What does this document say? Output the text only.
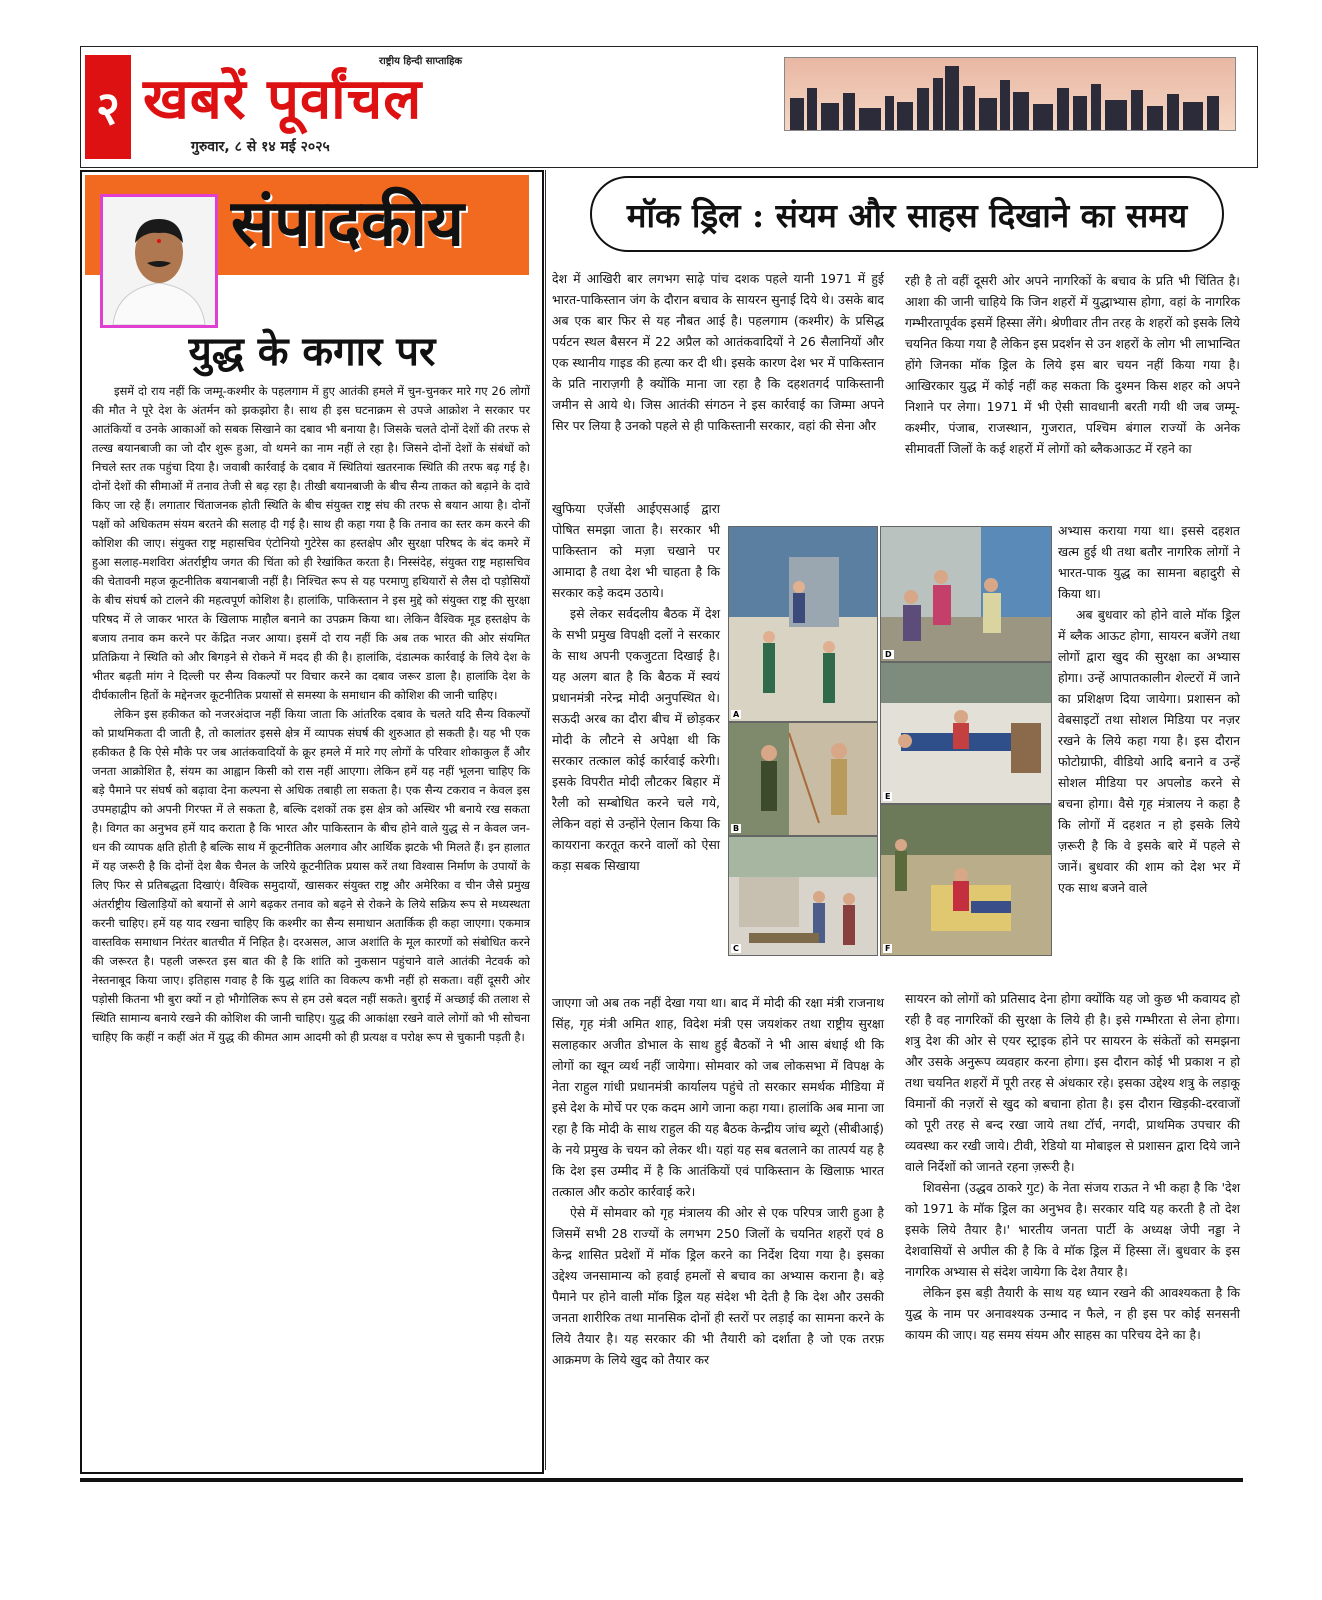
२ खबरें पूर्वांचल
राष्ट्रीय हिन्दी साप्ताहिक
गुरुवार, ८ से १४ मई २०२५
संपादकीय
युद्ध के कगार पर

इसमें दो राय नहीं कि जम्मू-कश्मीर के पहलगाम में हुए आतंकी हमले में चुन-चुनकर मारे गए 26 लोगों की मौत ने पूरे देश के अंतर्मन को झकझोरा है। साथ ही इस घटनाक्रम से उपजे आक्रोश ने सरकार पर आतंकियों व उनके आकाओं को सबक सिखाने का दबाव भी बनाया है। जिसके चलते दोनों देशों की तरफ से तल्ख बयानबाजी का जो दौर शुरू हुआ, वो थमने का नाम नहीं ले रहा है। जिसने दोनों देशों के संबंधों को निचले स्तर तक पहुंचा दिया है। जवाबी कार्रवाई के दबाव में स्थितियां खतरनाक स्थिति की तरफ बढ़ गई है। दोनों देशों की सीमाओं में तनाव तेजी से बढ़ रहा है। तीखी बयानबाजी के बीच सैन्य ताकत को बढ़ाने के दावे किए जा रहे हैं। लगातार चिंताजनक होती स्थिति के बीच संयुक्त राष्ट्र संघ की तरफ से बयान आया है। दोनों पक्षों को अधिकतम संयम बरतने की सलाह दी गई है। साथ ही कहा गया है कि तनाव का स्तर कम करने की कोशिश की जाए। संयुक्त राष्ट्र महासचिव एंटोनियो गुटेरेस का हस्तक्षेप और सुरक्षा परिषद के बंद कमरे में हुआ सलाह-मशविरा अंतर्राष्ट्रीय जगत की चिंता को ही रेखांकित करता है। निस्संदेह, संयुक्त राष्ट्र महासचिव की चेतावनी महज कूटनीतिक बयानबाजी नहीं है। निश्चित रूप से यह परमाणु हथियारों से लैस दो पड़ोसियों के बीच संघर्ष को टालने की महत्वपूर्ण कोशिश है। हालांकि, पाकिस्तान ने इस मुद्दे को संयुक्त राष्ट्र की सुरक्षा परिषद में ले जाकर भारत के खिलाफ माहौल बनाने का उपक्रम किया था। लेकिन वैश्विक मूड हस्तक्षेप के बजाय तनाव कम करने पर केंद्रित नजर आया। इसमें दो राय नहीं कि अब तक भारत की ओर संयमित प्रतिक्रिया ने स्थिति को और बिगड़ने से रोकने में मदद ही की है। हालांकि, दंडात्मक कार्रवाई के लिये देश के भीतर बढ़ती मांग ने दिल्ली पर सैन्य विकल्पों पर विचार करने का दबाव जरूर डाला है। हालांकि देश के दीर्घकालीन हितों के मद्देनजर कूटनीतिक प्रयासों से समस्या के समाधान की कोशिश की जानी चाहिए।

लेकिन इस हकीकत को नजरअंदाज नहीं किया जाता कि आंतरिक दबाव के चलते यदि सैन्य विकल्पों को प्राथमिकता दी जाती है, तो कालांतर इससे क्षेत्र में व्यापक संघर्ष की शुरुआत हो सकती है। यह भी एक हकीकत है कि ऐसे मौके पर जब आतंकवादियों के क्रूर हमले में मारे गए लोगों के परिवार शोकाकुल हैं और जनता आक्रोशित है, संयम का आह्वान किसी को रास नहीं आएगा। लेकिन हमें यह नहीं भूलना चाहिए कि बड़े पैमाने पर संघर्ष को बढ़ावा देना कल्पना से अधिक तबाही ला सकता है। एक सैन्य टकराव न केवल इस उपमहाद्वीप को अपनी गिरफ्त में ले सकता है, बल्कि दशकों तक इस क्षेत्र को अस्थिर भी बनाये रख सकता है। विगत का अनुभव हमें याद कराता है कि भारत और पाकिस्तान के बीच होने वाले युद्ध से न केवल जन-धन की व्यापक क्षति होती है बल्कि साथ में कूटनीतिक अलगाव और आर्थिक झटके भी मिलते हैं। इन हालात में यह जरूरी है कि दोनों देश बैक चैनल के जरिये कूटनीतिक प्रयास करें तथा विश्वास निर्माण के उपायों के लिए फिर से प्रतिबद्धता दिखाएं। वैश्विक समुदायों, खासकर संयुक्त राष्ट्र और अमेरिका व चीन जैसे प्रमुख अंतर्राष्ट्रीय खिलाड़ियों को बयानों से आगे बढ़कर तनाव को बढ़ने से रोकने के लिये सक्रिय रूप से मध्यस्थता करनी चाहिए। हमें यह याद रखना चाहिए कि कश्मीर का सैन्य समाधान अतार्किक ही कहा जाएगा। एकमात्र वास्तविक समाधान निरंतर बातचीत में निहित है। दरअसल, आज अशांति के मूल कारणों को संबोधित करने की जरूरत है। पहली जरूरत इस बात की है कि शांति को नुकसान पहुंचाने वाले आतंकी नेटवर्क को नेस्तनाबूद किया जाए। इतिहास गवाह है कि युद्ध शांति का विकल्प कभी नहीं हो सकता। वहीं दूसरी ओर पड़ोसी कितना भी बुरा क्यों न हो भौगोलिक रूप से हम उसे बदल नहीं सकते। बुराई में अच्छाई की तलाश से स्थिति सामान्य बनाये रखने की कोशिश की जानी चाहिए। युद्ध की आकांक्षा रखने वाले लोगों को भी सोचना चाहिए कि कहीं न कहीं अंत में युद्ध की कीमत आम आदमी को ही प्रत्यक्ष व परोक्ष रूप से चुकानी पड़ती है।

मॉक ड्रिल : संयम और साहस दिखाने का समय

देश में आखिरी बार लगभग साढ़े पांच दशक पहले यानी 1971 में हुई भारत-पाकिस्तान जंग के दौरान बचाव के सायरन सुनाई दिये थे। उसके बाद अब एक बार फिर से यह नौबत आई है। पहलगाम (कश्मीर) के प्रसिद्ध पर्यटन स्थल बैसरन में 22 अप्रैल को आतंकवादियों ने 26 सैलानियों और एक स्थानीय गाइड की हत्या कर दी थी। इसके कारण देश भर में पाकिस्तान के प्रति नाराज़गी है क्योंकि माना जा रहा है कि दहशतगर्द पाकिस्तानी जमीन से आये थे। जिस आतंकी संगठन ने इस कार्रवाई का जिम्मा अपने सिर पर लिया है उनको पहले से ही पाकिस्तानी सरकार, वहां की सेना और

रही है तो वहीं दूसरी ओर अपने नागरिकों के बचाव के प्रति भी चिंतित है। आशा की जानी चाहिये कि जिन शहरों में युद्धाभ्यास होगा, वहां के नागरिक गम्भीरतापूर्वक इसमें हिस्सा लेंगे। श्रेणीवार तीन तरह के शहरों को इसके लिये चयनित किया गया है लेकिन इस प्रदर्शन से उन शहरों के लोग भी लाभान्वित होंगे जिनका मॉक ड्रिल के लिये इस बार चयन नहीं किया गया है। आखिरकार युद्ध में कोई नहीं कह सकता कि दुश्मन किस शहर को अपने निशाने पर लेगा। 1971 में भी ऐसी सावधानी बरती गयी थी जब जम्मू-कश्मीर, पंजाब, राजस्थान, गुजरात, पश्चिम बंगाल राज्यों के अनेक सीमावर्ती जिलों के कई शहरों में लोगों को ब्लैकआऊट में रहने का

खुफिया एजेंसी आईएसआई द्वारा पोषित समझा जाता है। सरकार भी पाकिस्तान को मज़ा चखाने पर आमादा है तथा देश भी चाहता है कि सरकार कड़े कदम उठाये।

इसे लेकर सर्वदलीय बैठक में देश के सभी प्रमुख विपक्षी दलों ने सरकार के साथ अपनी एकजुटता दिखाई है। यह अलग बात है कि बैठक में स्वयं प्रधानमंत्री नरेन्द्र मोदी अनुपस्थित थे। सऊदी अरब का दौरा बीच में छोड़कर मोदी के लौटने से अपेक्षा थी कि सरकार तत्काल कोई कार्रवाई करेगी। इसके विपरीत मोदी लौटकर बिहार में रैली को सम्बोधित करने चले गये, लेकिन वहां से उन्होंने ऐलान किया कि कायराना करतूत करने वालों को ऐसा कड़ा सबक सिखाया

A
B
C
D
E
F

अभ्यास कराया गया था। इससे दहशत खत्म हुई थी तथा बतौर नागरिक लोगों ने भारत-पाक युद्ध का सामना बहादुरी से किया था।

अब बुधवार को होने वाले मॉक ड्रिल में ब्लैक आऊट होगा, सायरन बजेंगे तथा लोगों द्वारा खुद की सुरक्षा का अभ्यास होगा। उन्हें आपातकालीन शेल्टरों में जाने का प्रशिक्षण दिया जायेगा। प्रशासन को वेबसाइटों तथा सोशल मिडिया पर नज़र रखने के लिये कहा गया है। इस दौरान फोटोग्राफी, वीडियो आदि बनाने व उन्हें सोशल मीडिया पर अपलोड करने से बचना होगा। वैसे गृह मंत्रालय ने कहा है कि लोगों में दहशत न हो इसके लिये ज़रूरी है कि वे इसके बारे में पहले से जानें। बुधवार की शाम को देश भर में एक साथ बजने वाले

जाएगा जो अब तक नहीं देखा गया था। बाद में मोदी की रक्षा मंत्री राजनाथ सिंह, गृह मंत्री अमित शाह, विदेश मंत्री एस जयशंकर तथा राष्ट्रीय सुरक्षा सलाहकार अजीत डोभाल के साथ हुई बैठकों ने भी आस बंधाई थी कि लोगों का खून व्यर्थ नहीं जायेगा। सोमवार को जब लोकसभा में विपक्ष के नेता राहुल गांधी प्रधानमंत्री कार्यालय पहुंचे तो सरकार समर्थक मीडिया में इसे देश के मोर्चे पर एक कदम आगे जाना कहा गया। हालांकि अब माना जा रहा है कि मोदी के साथ राहुल की यह बैठक केन्द्रीय जांच ब्यूरो (सीबीआई) के नये प्रमुख के चयन को लेकर थी। यहां यह सब बतलाने का तात्पर्य यह है कि देश इस उम्मीद में है कि आतंकियों एवं पाकिस्तान के खिलाफ़ भारत तत्काल और कठोर कार्रवाई करे।

ऐसे में सोमवार को गृह मंत्रालय की ओर से एक परिपत्र जारी हुआ है जिसमें सभी 28 राज्यों के लगभग 250 जिलों के चयनित शहरों एवं 8 केन्द्र शासित प्रदेशों में मॉक ड्रिल करने का निर्देश दिया गया है। इसका उद्देश्य जनसामान्य को हवाई हमलों से बचाव का अभ्यास कराना है। बड़े पैमाने पर होने वाली मॉक ड्रिल यह संदेश भी देती है कि देश और उसकी जनता शारीरिक तथा मानसिक दोनों ही स्तरों पर लड़ाई का सामना करने के लिये तैयार है। यह सरकार की भी तैयारी को दर्शाता है जो एक तरफ़ आक्रमण के लिये खुद को तैयार कर

सायरन को लोगों को प्रतिसाद देना होगा क्योंकि यह जो कुछ भी कवायद हो रही है वह नागरिकों की सुरक्षा के लिये ही है। इसे गम्भीरता से लेना होगा। शत्रु देश की ओर से एयर स्ट्राइक होने पर सायरन के संकेतों को समझना और उसके अनुरूप व्यवहार करना होगा। इस दौरान कोई भी प्रकाश न हो तथा चयनित शहरों में पूरी तरह से अंधकार रहे। इसका उद्देश्य शत्रु के लड़ाकू विमानों की नज़रों से खुद को बचाना होता है। इस दौरान खिड़की-दरवाजों को पूरी तरह से बन्द रखा जाये तथा टॉर्च, नगदी, प्राथमिक उपचार की व्यवस्था कर रखी जाये। टीवी, रेडियो या मोबाइल से प्रशासन द्वारा दिये जाने वाले निर्देशों को जानते रहना ज़रूरी है।

शिवसेना (उद्धव ठाकरे गुट) के नेता संजय राऊत ने भी कहा है कि 'देश को 1971 के मॉक ड्रिल का अनुभव है। सरकार यदि यह करती है तो देश इसके लिये तैयार है।' भारतीय जनता पार्टी के अध्यक्ष जेपी नड्डा ने देशवासियों से अपील की है कि वे मॉक ड्रिल में हिस्सा लें। बुधवार के इस नागरिक अभ्यास से संदेश जायेगा कि देश तैयार है।

लेकिन इस बड़ी तैयारी के साथ यह ध्यान रखने की आवश्यकता है कि युद्ध के नाम पर अनावश्यक उन्माद न फैले, न ही इस पर कोई सनसनी कायम की जाए। यह समय संयम और साहस का परिचय देने का है।
